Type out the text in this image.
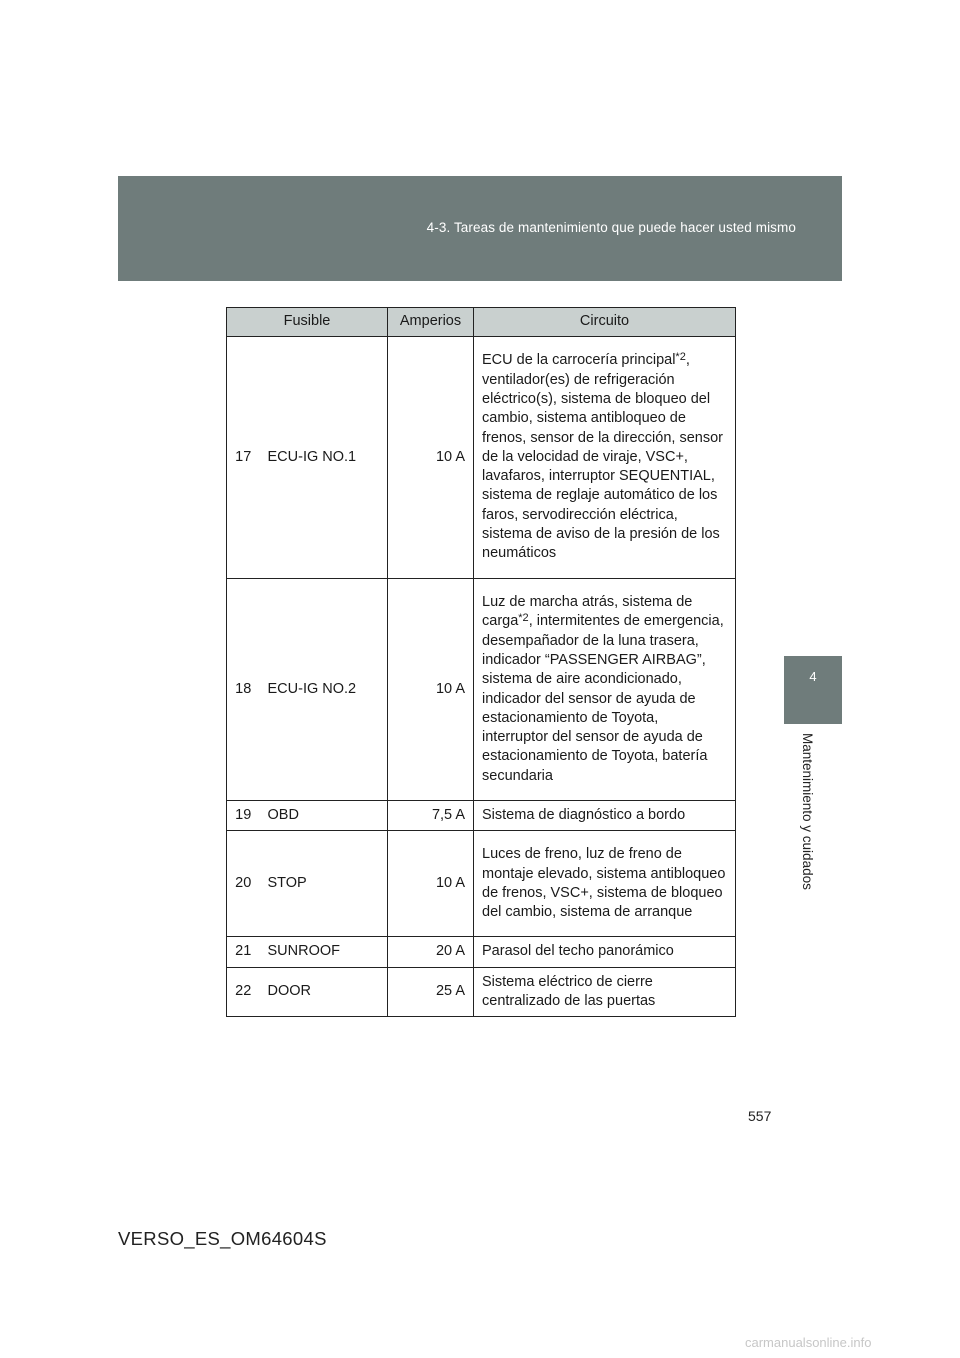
4-3. Tareas de mantenimiento que puede hacer usted mismo
4
Mantenimiento y cuidados
Fusible		Amperios	Circuito
17	ECU-IG NO.1	10 A	ECU de la carrocería principal$^{*2}$, ventilador(es) de refrigeración eléctrico(s), sistema de bloqueo del cambio, sistema antibloqueo de frenos, sensor de la dirección, sensor de la velocidad de viraje, VSC+, lavafaros, interruptor SEQUENTIAL, sistema de reglaje automático de los faros, servodirección eléctrica, sistema de aviso de la presión de los neumáticos
18	ECU-IG NO.2	10 A	Luz de marcha atrás, sistema de carga$^{*2}$, intermitentes de emergencia, desempañador de la luna trasera, indicador “PASSENGER AIRBAG”, sistema de aire acondicionado, indicador del sensor de ayuda de estacionamiento de Toyota, interruptor del sensor de ayuda de estacionamiento de Toyota, batería secundaria
19	OBD	7,5 A	Sistema de diagnóstico a bordo
20	STOP	10 A	Luces de freno, luz de freno de montaje elevado, sistema antibloqueo de frenos, VSC+, sistema de bloqueo del cambio, sistema de arranque
21	SUNROOF	20 A	Parasol del techo panorámico
22	DOOR	25 A	Sistema eléctrico de cierre centralizado de las puertas
557
VERSO_ES_OM64604S
carmanualsonline.info
